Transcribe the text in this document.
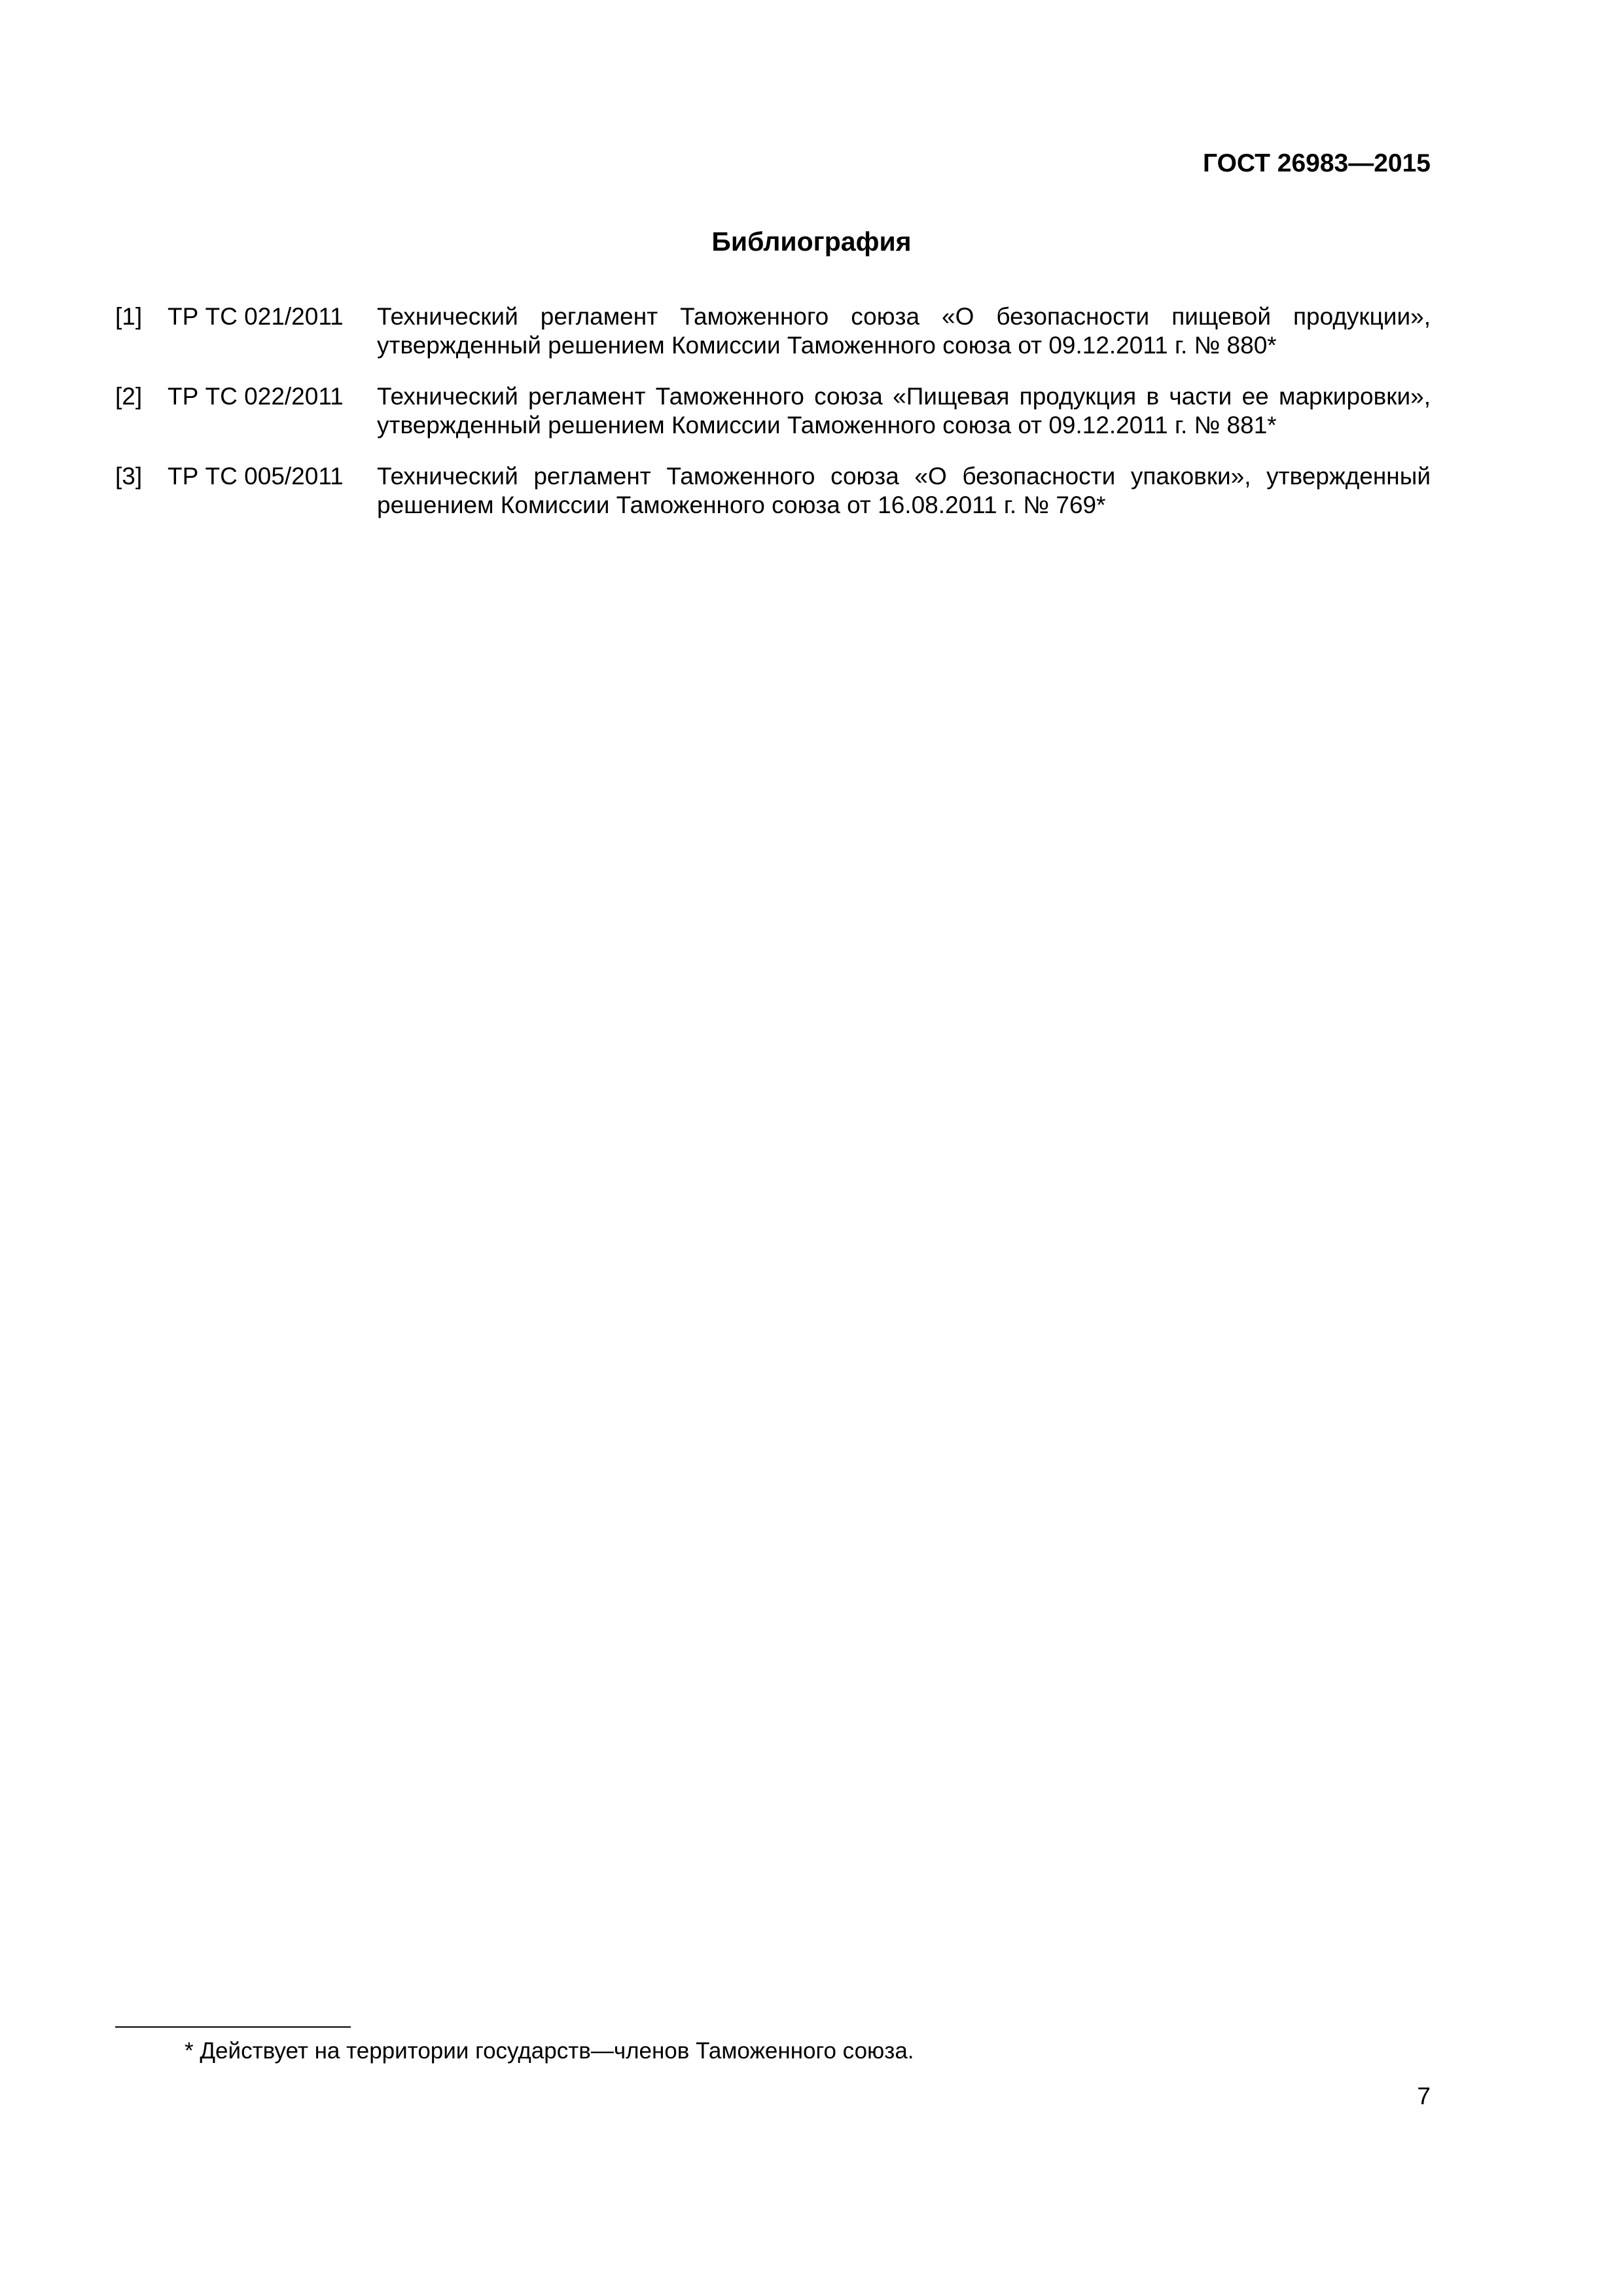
ГОСТ 26983—2015

Библиография
[1]	ТР ТС 021/2011	Технический регламент Таможенного союза «О безопасности пищевой продукции», утвержденный решением Комиссии Таможенного союза от 09.12.2011 г. № 880*
[2]	ТР ТС 022/2011	Технический регламент Таможенного союза «Пищевая продукция в части ее маркировки», утвержденный решением Комиссии Таможенного союза от 09.12.2011 г. № 881*
[3]	ТР ТС 005/2011	Технический регламент Таможенного союза «О безопасности упаковки», утвержденный решением Комиссии Таможенного союза от 16.08.2011 г. № 769*

* Действует на территории государств—членов Таможенного союза.

7
